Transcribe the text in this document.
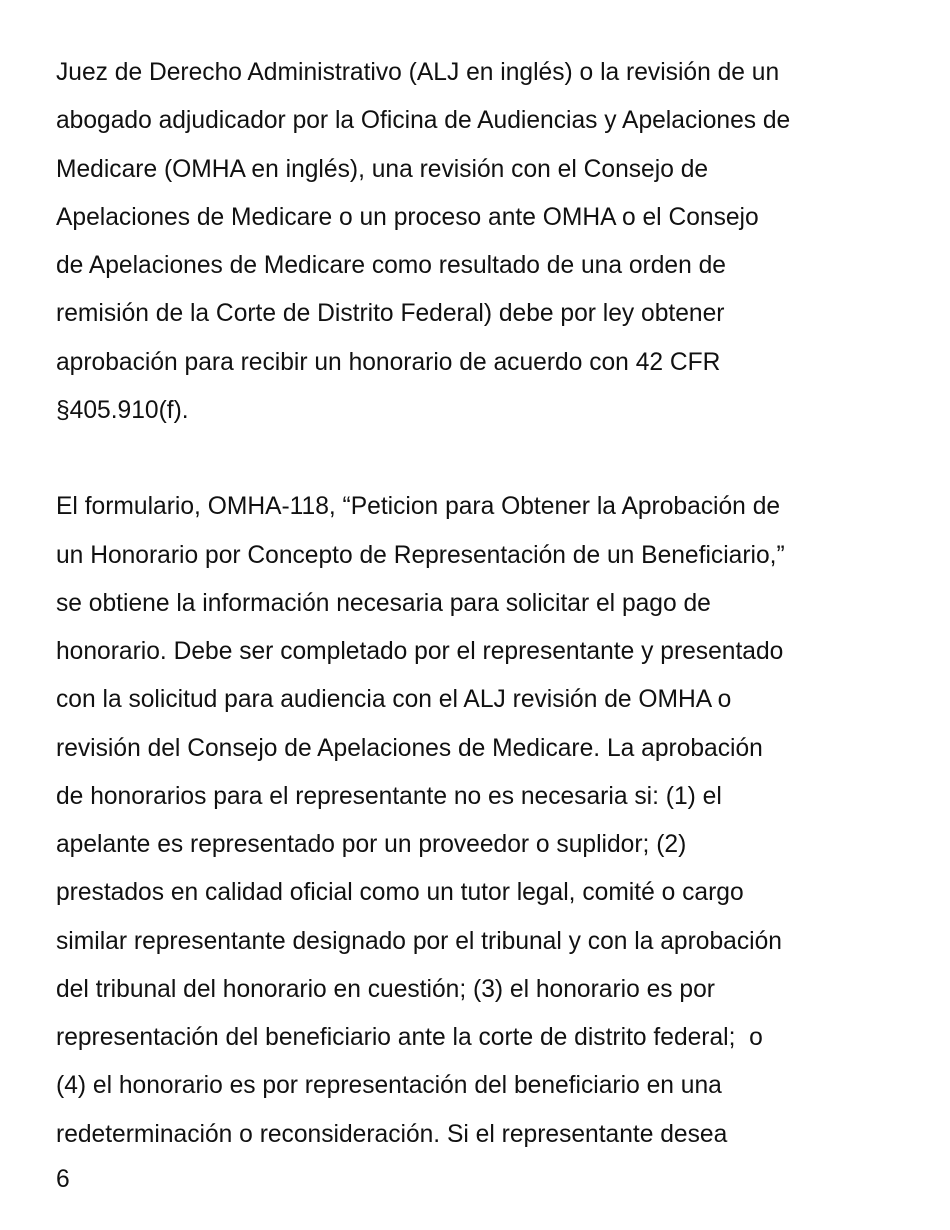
Juez de Derecho Administrativo (ALJ en inglés) o la revisión de un
abogado adjudicador por la Oficina de Audiencias y Apelaciones de
Medicare (OMHA en inglés), una revisión con el Consejo de
Apelaciones de Medicare o un proceso ante OMHA o el Consejo
de Apelaciones de Medicare como resultado de una orden de
remisión de la Corte de Distrito Federal) debe por ley obtener
aprobación para recibir un honorario de acuerdo con 42 CFR
§405.910(f).
El formulario, OMHA-118, “Peticion para Obtener la Aprobación de
un Honorario por Concepto de Representación de un Beneficiario,”
se obtiene la información necesaria para solicitar el pago de
honorario. Debe ser completado por el representante y presentado
con la solicitud para audiencia con el ALJ revisión de OMHA o
revisión del Consejo de Apelaciones de Medicare. La aprobación
de honorarios para el representante no es necesaria si: (1) el
apelante es representado por un proveedor o suplidor; (2)
prestados en calidad oficial como un tutor legal, comité o cargo
similar representante designado por el tribunal y con la aprobación
del tribunal del honorario en cuestión; (3) el honorario es por
representación del beneficiario ante la corte de distrito federal;  o
(4) el honorario es por representación del beneficiario en una
redeterminación o reconsideración. Si el representante desea
6
